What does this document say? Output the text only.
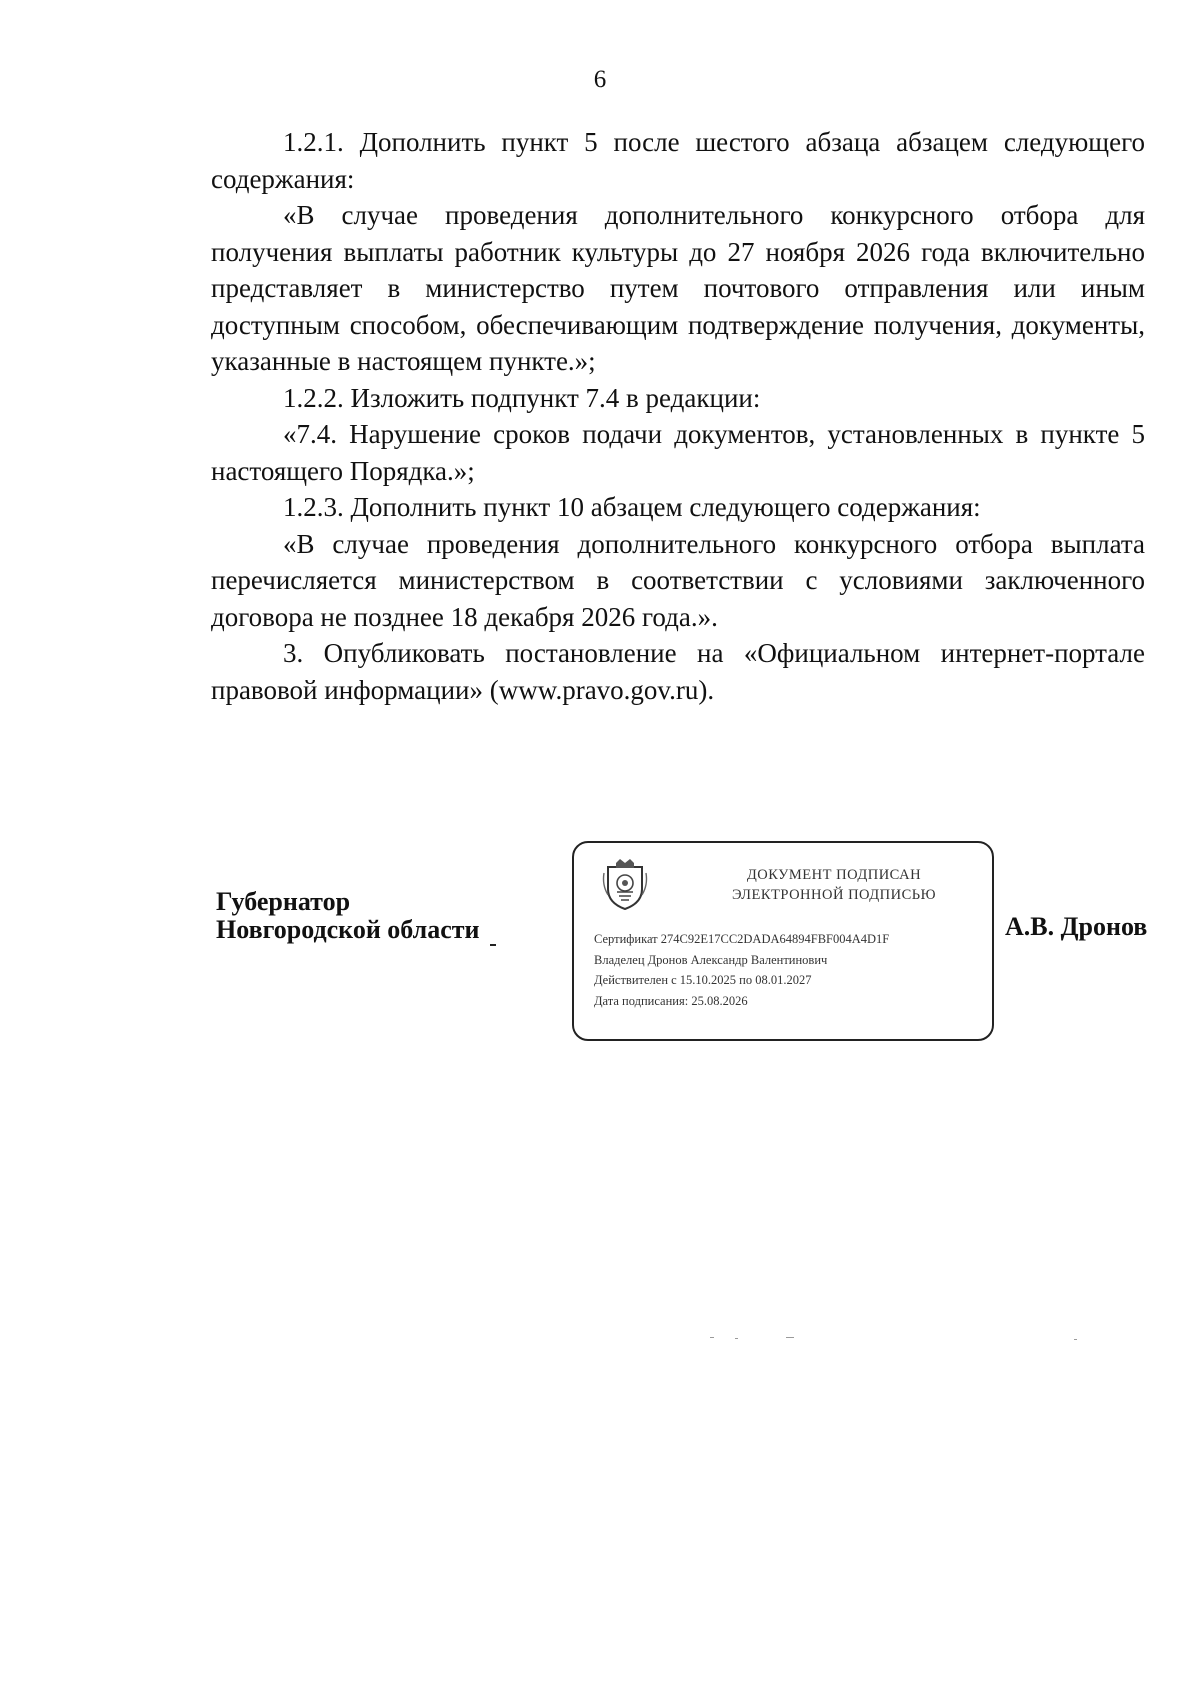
6

1.2.1. Дополнить пункт 5 после шестого абзаца абзацем следующего содержания:

«В случае проведения дополнительного конкурсного отбора для получения выплаты работник культуры до 27 ноября 2026 года включительно представляет в министерство путем почтового отправления или иным доступным способом, обеспечивающим подтверждение получения, документы, указанные в настоящем пункте.»;

1.2.2. Изложить подпункт 7.4 в редакции:

«7.4. Нарушение сроков подачи документов, установленных в пункте 5 настоящего Порядка.»;

1.2.3. Дополнить пункт 10 абзацем следующего содержания:

«В случае проведения дополнительного конкурсного отбора выплата перечисляется министерством в соответствии с условиями заключенного договора не позднее 18 декабря 2026 года.».

3. Опубликовать постановление на «Официальном интернет-портале правовой информации» (www.pravo.gov.ru).

Губернатор
Новгородской области
ДОКУМЕНТ ПОДПИСАН
ЭЛЕКТРОННОЙ ПОДПИСЬЮ
Сертификат 274C92E17CC2DADA64894FBF004A4D1F
Владелец Дронов Александр Валентинович
Действителен с 15.10.2025 по 08.01.2027
Дата подписания: 25.08.2026
А.В. Дронов
